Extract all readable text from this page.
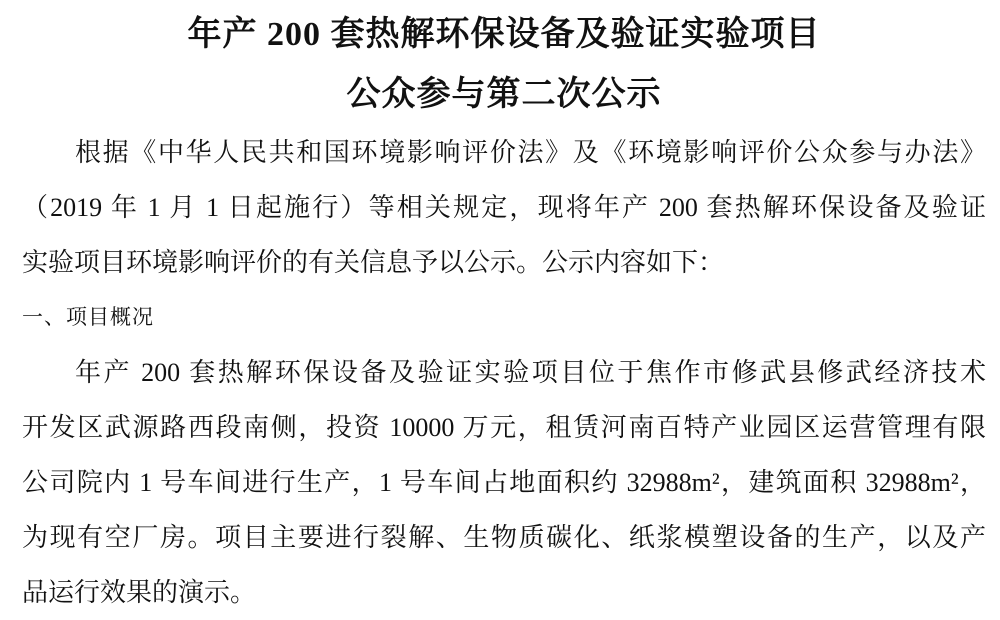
年产 200 套热解环保设备及验证实验项目
公众参与第二次公示

根据《中华人民共和国环境影响评价法》及《环境影响评价公众参与办法》

（2019 年 1 月 1 日起施行）等相关规定，现将年产 200 套热解环保设备及验证

实验项目环境影响评价的有关信息予以公示。公示内容如下：

一、项目概况

年产 200 套热解环保设备及验证实验项目位于焦作市修武县修武经济技术

开发区武源路西段南侧，投资 10000 万元，租赁河南百特产业园区运营管理有限

公司院内 1 号车间进行生产，1 号车间占地面积约 32988m²，建筑面积 32988m²，

为现有空厂房。项目主要进行裂解、生物质碳化、纸浆模塑设备的生产，以及产

品运行效果的演示。
